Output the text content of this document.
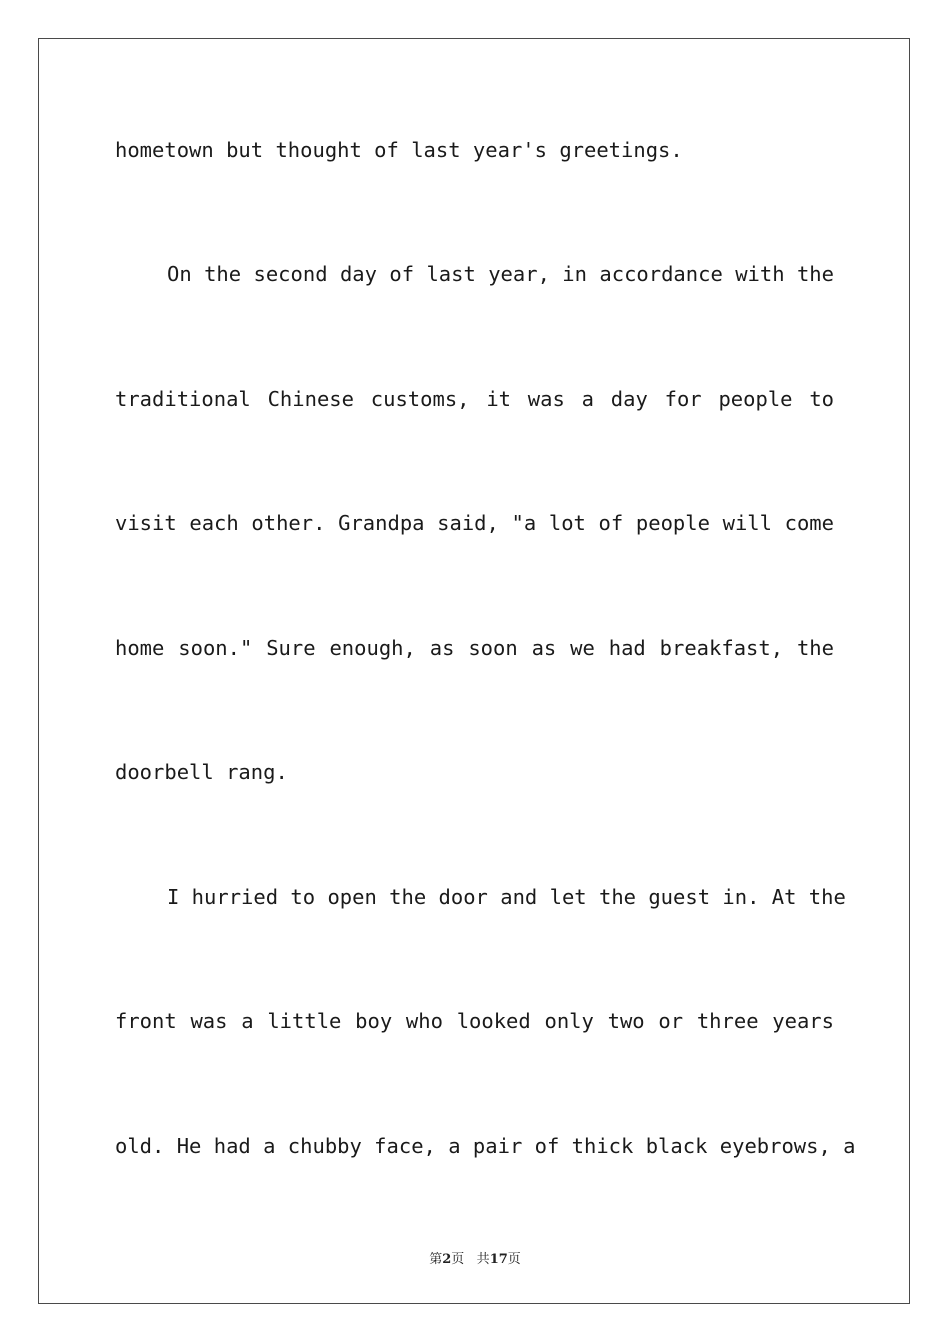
hometown but thought of last year's greetings.
On the second day of last year, in accordance with the
traditional Chinese customs, it was a day for people to
visit each other. Grandpa said, "a lot of people will come
home soon." Sure enough, as soon as we had breakfast, the
doorbell rang.
I hurried to open the door and let the guest in. At the
front was a little boy who looked only two or three years
old. He had a chubby face, a pair of thick black eyebrows, a
第2页 共17页
